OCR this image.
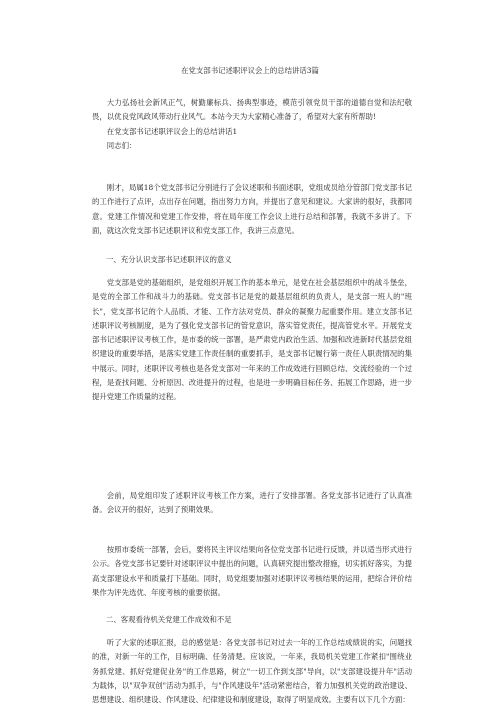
在党支部书记述职评议会上的总结讲话3篇

大力弘扬社会新风正气，树勤廉标兵、扬典型事迹，模范引领党员干部的道德自觉和法纪敬畏，以优良党风政风带动行业风气。本站今天为大家精心准备了，希望对大家有所帮助!

在党支部书记述职评议会上的总结讲话1

同志们：

刚才，局属18个党支部书记分别进行了会议述职和书面述职，党组成员给分管部门党支部书记的工作进行了点评，点出存在问题，指出努力方向，并提出了意见和建议。大家讲的很好，我都同意。党建工作情况和党建工作安排，将在局年度工作会议上进行总结和部署，我就不多讲了。下面，就这次党支部书记述职评议和党支部工作，我讲三点意见。

一、充分认识支部书记述职评议的意义

党支部是党的基础组织，是党组织开展工作的基本单元，是党在社会基层组织中的战斗堡垒，是党的全部工作和战斗力的基础。党支部书记是党的最基层组织的负责人，是支部一班人的"班长"，党支部书记的个人品质、才能、工作方法对党员、群众的凝聚力起重要作用。建立支部书记述职评议考核制度，是为了强化党支部书记的管党意识，落实管党责任，提高管党水平。开展党支部书记述职评议考核工作，是市委的统一部署，是严肃党内政治生活、加强和改进新时代基层党组织建设的重要举措，是落实党建工作责任制的重要抓手，是支部书记履行第一责任人职责情况的集中展示。同时，述职评议考核也是各党支部对一年来的工作成效进行回顾总结、交流经验的一个过程，是查找问题、分析原因、改进提升的过程，也是进一步明确目标任务、拓展工作思路，进一步提升党建工作质量的过程。

会前，局党组印发了述职评议考核工作方案，进行了安排部署。各党支部书记进行了认真准备。会议开的很好，达到了预期效果。

按照市委统一部署，会后，要将民主评议结果向各位党支部书记进行反馈，并以适当形式进行公示。各党支部书记要针对述职评议中提出的问题，认真研究提出整改措施，切实抓好落实，为提高支部建设水平和质量打下基础。同时，局党组要加强对述职评议考核结果的运用，把综合评价结果作为评先选优、年度考核的重要依据。

二、客观看待机关党建工作成效和不足

听了大家的述职汇报，总的感觉是：各党支部书记对过去一年的工作总结成绩说的实，问题找的准，对新一年的工作，目标明确、任务清楚。应该说，一年来，我局机关党建工作紧扣"围绕业务抓党建、抓好党建促业务"的工作思路，树立"一切工作到支部"导向，以"支部建设提升年"活动为载体，以"双争双创"活动为抓手，与"作风建设年"活动紧密结合，着力加强机关党的政治建设、思想建设、组织建设、作风建设、纪律建设和制度建设，取得了明显成效。主要有以下几个方面：
